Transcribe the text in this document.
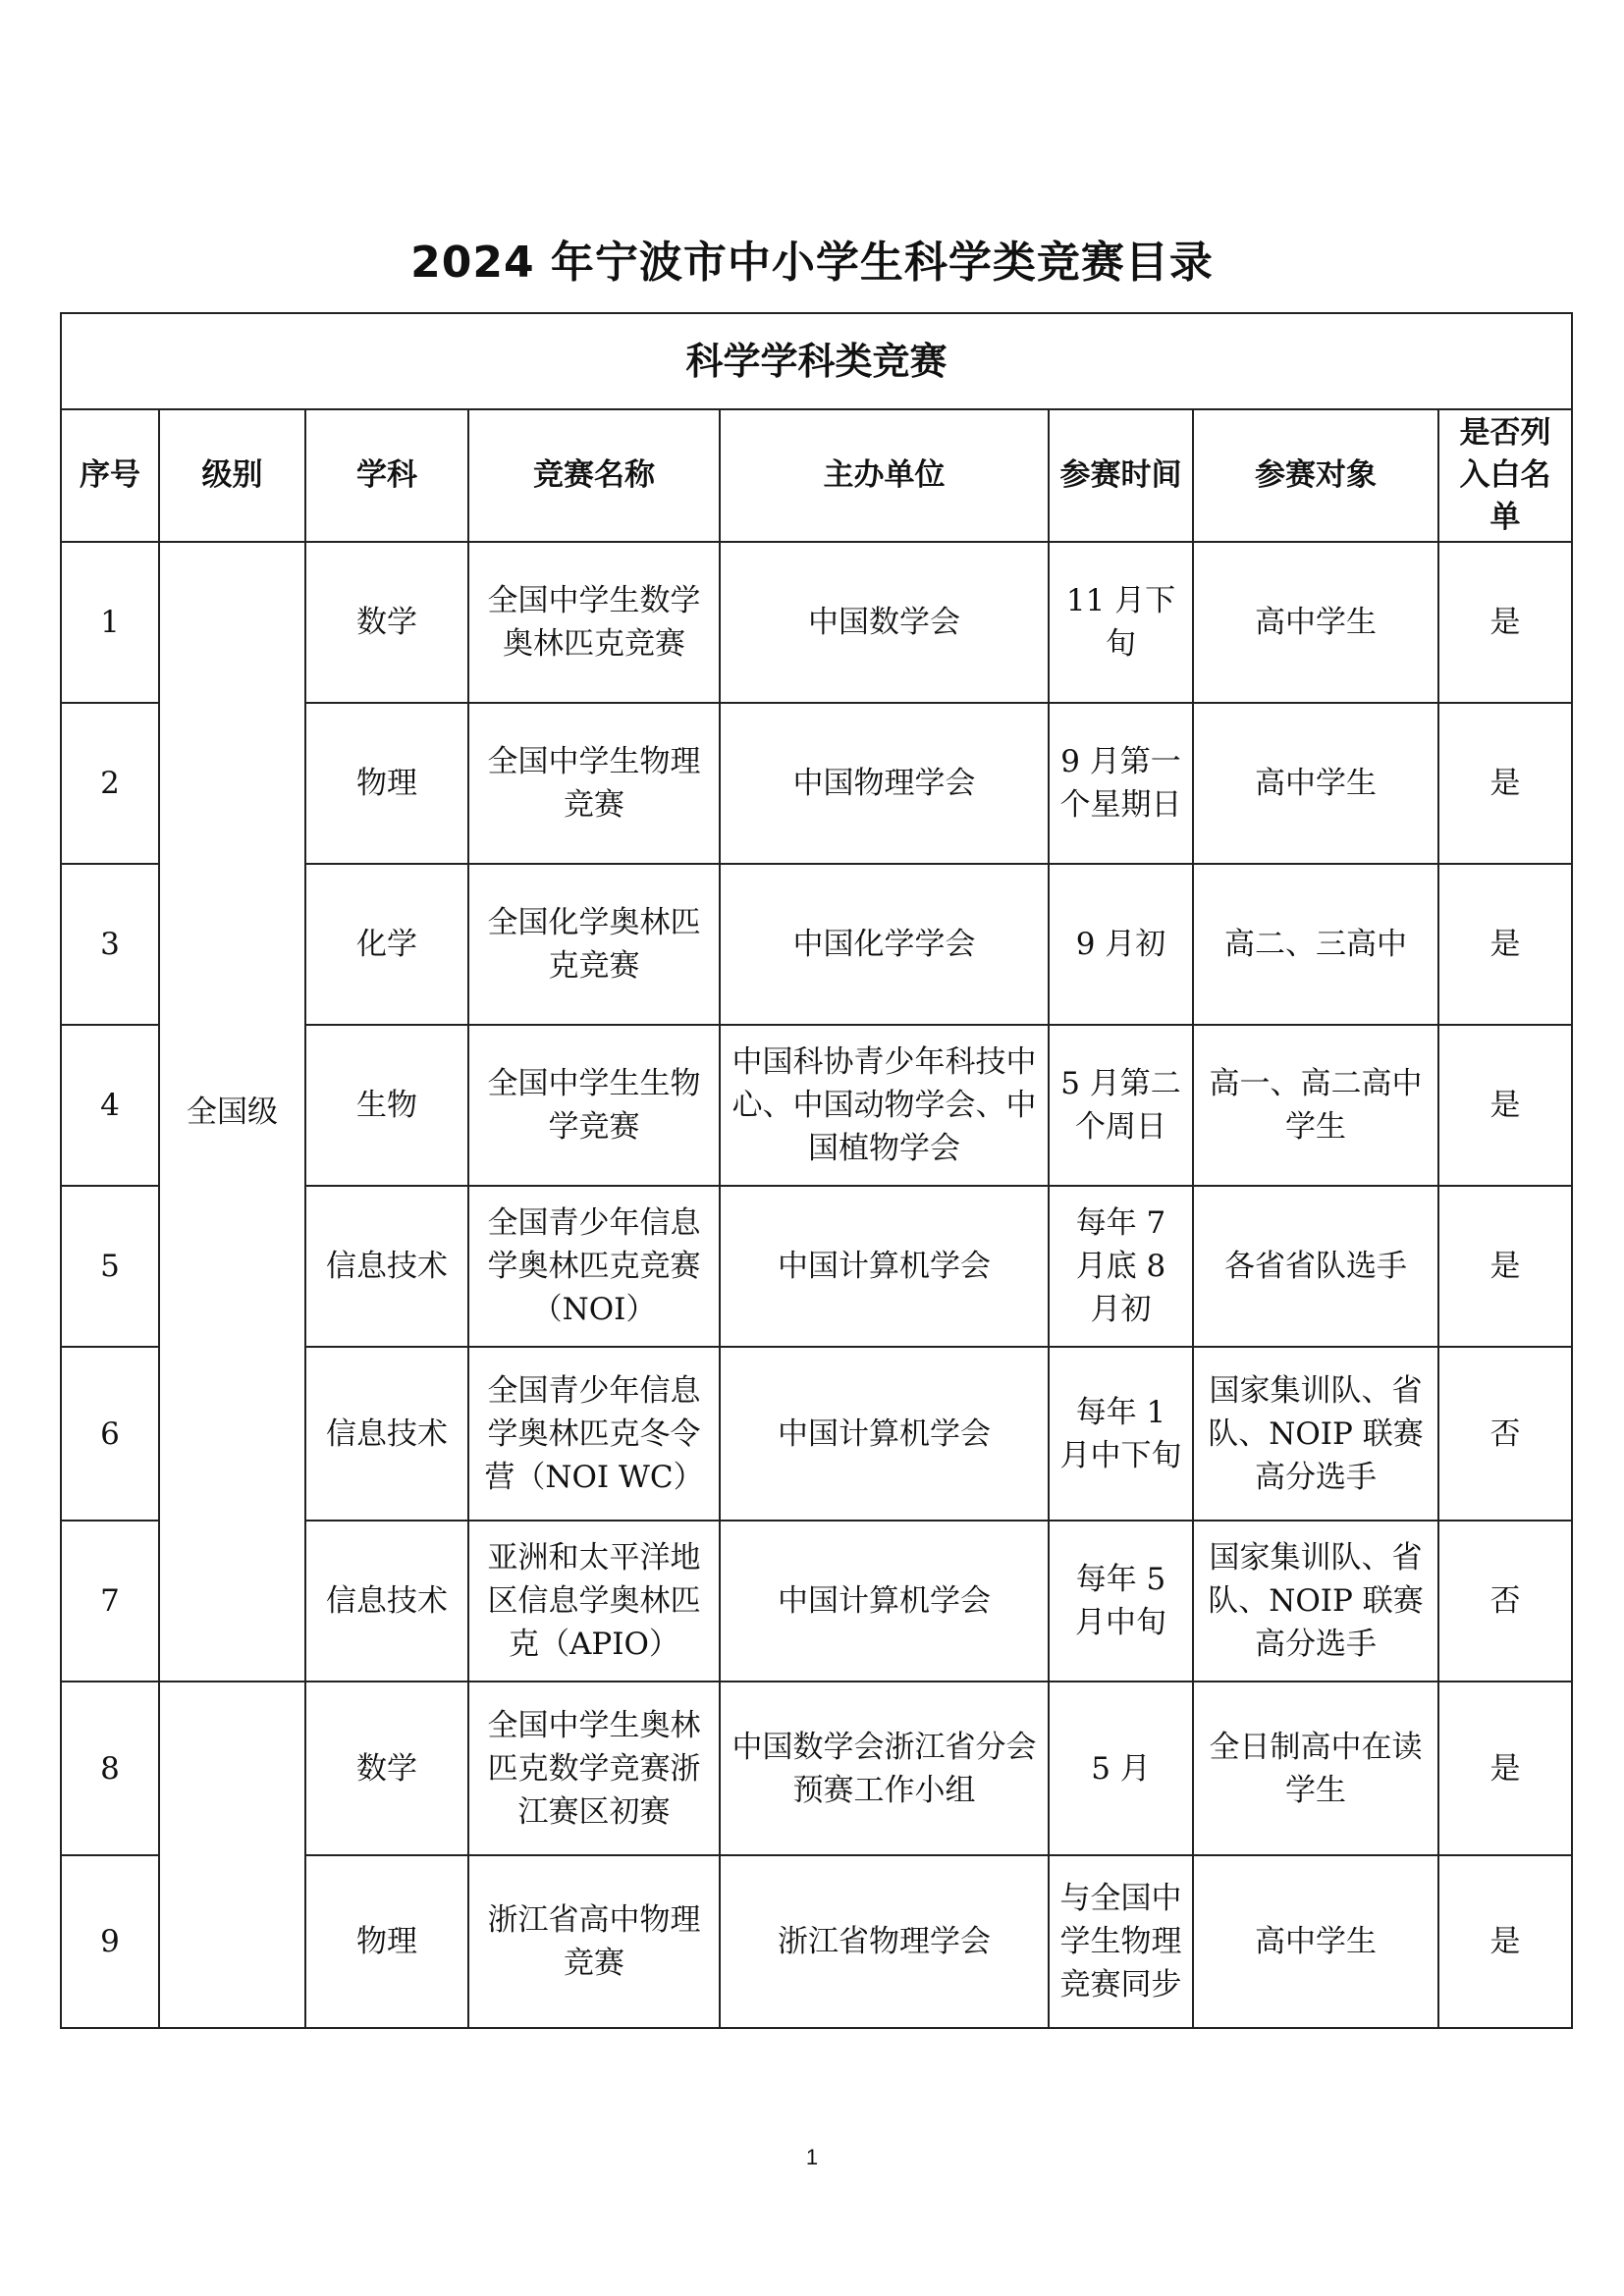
2024 年宁波市中小学生科学类竞赛目录
科学学科类竞赛							
序号	级别	学科	竞赛名称	主办单位	参赛时间	参赛对象	是否列入白名单
1	全国级	数学	全国中学生数学奥林匹克竞赛	中国数学会	11 月下旬	高中学生	是
2		物理	全国中学生物理竞赛	中国物理学会	9 月第一个星期日	高中学生	是
3		化学	全国化学奥林匹克竞赛	中国化学学会	9 月初	高二、三高中	是
4		生物	全国中学生生物学竞赛	中国科协青少年科技中心、中国动物学会、中国植物学会	5 月第二个周日	高一、高二高中学生	是
5		信息技术	全国青少年信息学奥林匹克竞赛（NOI）	中国计算机学会	每年 7 月底 8 月初	各省省队选手	是
6		信息技术	全国青少年信息学奥林匹克冬令营（NOI WC）	中国计算机学会	每年 1 月中下旬	国家集训队、省队、NOIP 联赛高分选手	否
7		信息技术	亚洲和太平洋地区信息学奥林匹克（APIO）	中国计算机学会	每年 5 月中旬	国家集训队、省队、NOIP 联赛高分选手	否
8		数学	全国中学生奥林匹克数学竞赛浙江赛区初赛	中国数学会浙江省分会预赛工作小组	5 月	全日制高中在读学生	是
9		物理	浙江省高中物理竞赛	浙江省物理学会	与全国中学生物理竞赛同步	高中学生	是
1
